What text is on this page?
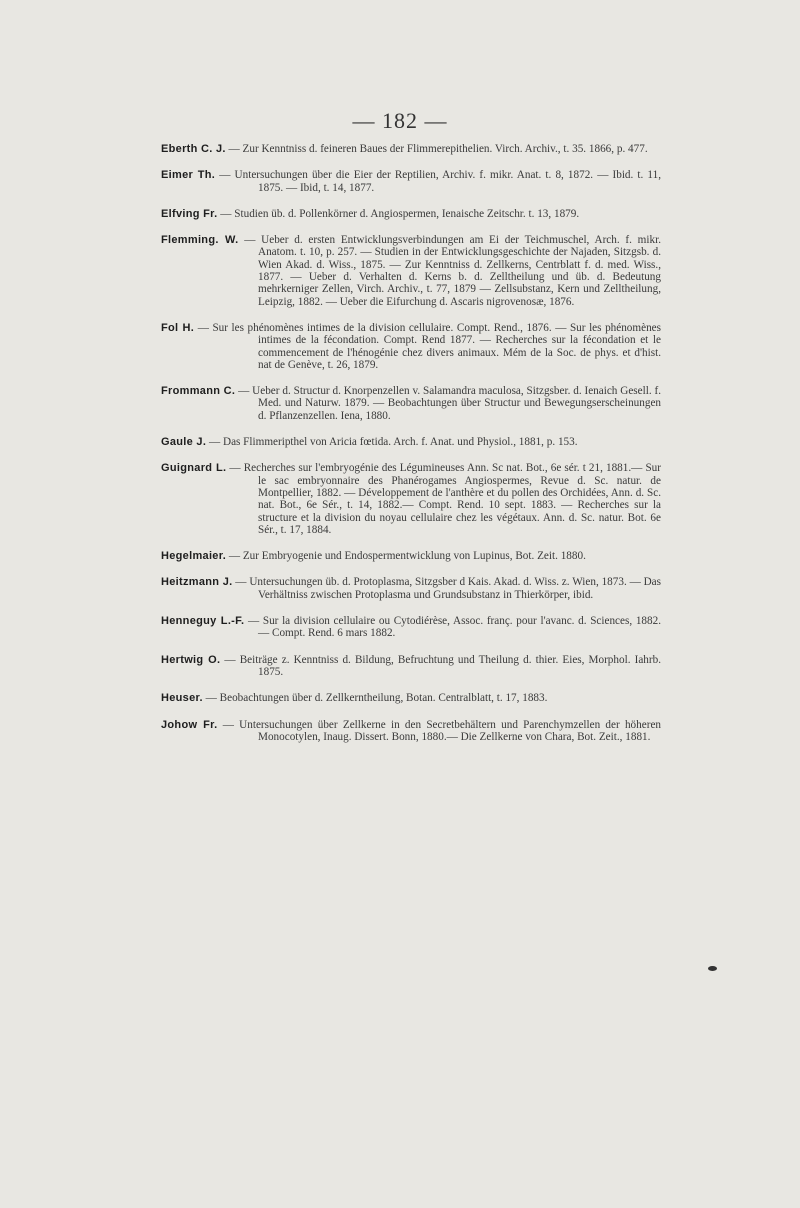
— 182 —

Eberth C. J. — Zur Kenntniss d. feineren Baues der Flimmerepithelien. Virch. Archiv., t. 35. 1866, p. 477.

Eimer Th. — Untersuchungen über die Eier der Reptilien, Archiv. f. mikr. Anat. t. 8, 1872. — Ibid. t. 11, 1875. — Ibid, t. 14, 1877.

Elfving Fr. — Studien üb. d. Pollenkörner d. Angiospermen, Ienaische Zeitschr. t. 13, 1879.

Flemming. W. — Ueber d. ersten Entwicklungsverbindungen am Ei der Teichmuschel, Arch. f. mikr. Anatom. t. 10, p. 257. — Studien in der Entwicklungsgeschichte der Najaden, Sitzgsb. d. Wien Akad. d. Wiss., 1875. — Zur Kenntniss d. Zellkerns, Centrblatt f. d. med. Wiss., 1877. — Ueber d. Verhalten d. Kerns b. d. Zelltheilung und üb. d. Bedeutung mehrkerniger Zellen, Virch. Archiv., t. 77, 1879 — Zellsubstanz, Kern und Zelltheilung, Leipzig, 1882. — Ueber die Eifurchung d. Ascaris nigrovenosæ, 1876.

Fol H. — Sur les phénomènes intimes de la division cellulaire. Compt. Rend., 1876. — Sur les phénomènes intimes de la fécondation. Compt. Rend 1877. — Recherches sur la fécondation et le commencement de l'hénogénie chez divers animaux. Mém de la Soc. de phys. et d'hist. nat de Genève, t. 26, 1879.

Frommann C. — Ueber d. Structur d. Knorpenzellen v. Salamandra maculosa, Sitzgsber. d. Ienaich Gesell. f. Med. und Naturw. 1879. — Beobachtungen über Structur und Bewegungserscheinungen d. Pflanzenzellen. Iena, 1880.

Gaule J. — Das Flimmeripthel von Aricia fœtida. Arch. f. Anat. und Physiol., 1881, p. 153.

Guignard L. — Recherches sur l'embryogénie des Légumineuses Ann. Sc nat. Bot., 6e sér. t 21, 1881.— Sur le sac embryonnaire des Phanérogames Angiospermes, Revue d. Sc. natur. de Montpellier, 1882. — Développement de l'anthère et du pollen des Orchidées, Ann. d. Sc. nat. Bot., 6e Sér., t. 14, 1882.— Compt. Rend. 10 sept. 1883. — Recherches sur la structure et la division du noyau cellulaire chez les végétaux. Ann. d. Sc. natur. Bot. 6e Sér., t. 17, 1884.

Hegelmaier. — Zur Embryogenie und Endospermentwicklung von Lupinus, Bot. Zeit. 1880.

Heitzmann J. — Untersuchungen üb. d. Protoplasma, Sitzgsber d Kais. Akad. d. Wiss. z. Wien, 1873. — Das Verhältniss zwischen Protoplasma und Grundsubstanz in Thierkörper, ibid.

Henneguy L.-F. — Sur la division cellulaire ou Cytodiérèse, Assoc. franç. pour l'avanc. d. Sciences, 1882. — Compt. Rend. 6 mars 1882.

Hertwig O. — Beiträge z. Kenntniss d. Bildung, Befruchtung und Theilung d. thier. Eies, Morphol. Iahrb. 1875.

Heuser. — Beobachtungen über d. Zellkerntheilung, Botan. Centralblatt, t. 17, 1883.

Johow Fr. — Untersuchungen über Zellkerne in den Secretbehältern und Parenchymzellen der höheren Monocotylen, Inaug. Dissert. Bonn, 1880.— Die Zellkerne von Chara, Bot. Zeit., 1881.
